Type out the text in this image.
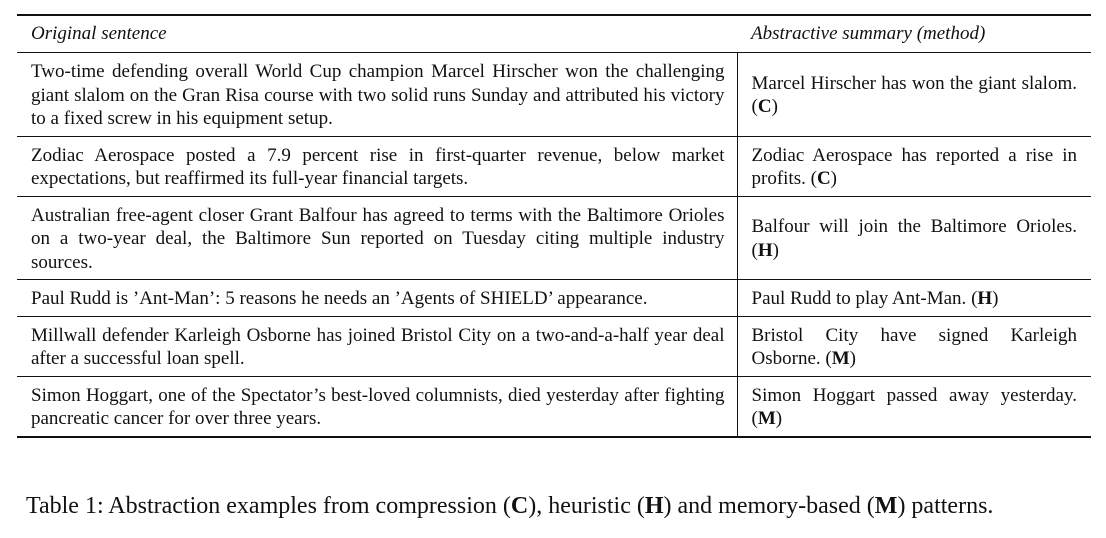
Original sentence	Abstractive summary (method)
Two-time defending overall World Cup champion Marcel Hirscher won the challenging giant slalom on the Gran Risa course with two solid runs Sunday and attributed his victory to a fixed screw in his equipment setup.	Marcel Hirscher has won the giant slalom. (C)
Zodiac Aerospace posted a 7.9 percent rise in first-quarter revenue, below market expectations, but reaffirmed its full-year financial targets.	Zodiac Aerospace has reported a rise in profits. (C)
Australian free-agent closer Grant Balfour has agreed to terms with the Baltimore Orioles on a two-year deal, the Baltimore Sun reported on Tuesday citing multiple industry sources.	Balfour will join the Baltimore Orioles. (H)
Paul Rudd is ’Ant-Man’: 5 reasons he needs an ’Agents of SHIELD’ appearance.	Paul Rudd to play Ant-Man. (H)
Millwall defender Karleigh Osborne has joined Bristol City on a two-and-a-half year deal after a successful loan spell.	Bristol City have signed Karleigh Osborne. (M)
Simon Hoggart, one of the Spectator’s best-loved columnists, died yesterday after fighting pancreatic cancer for over three years.	Simon Hoggart passed away yesterday. (M)
Table 1: Abstraction examples from compression (C), heuristic (H) and memory-based (M) patterns.
